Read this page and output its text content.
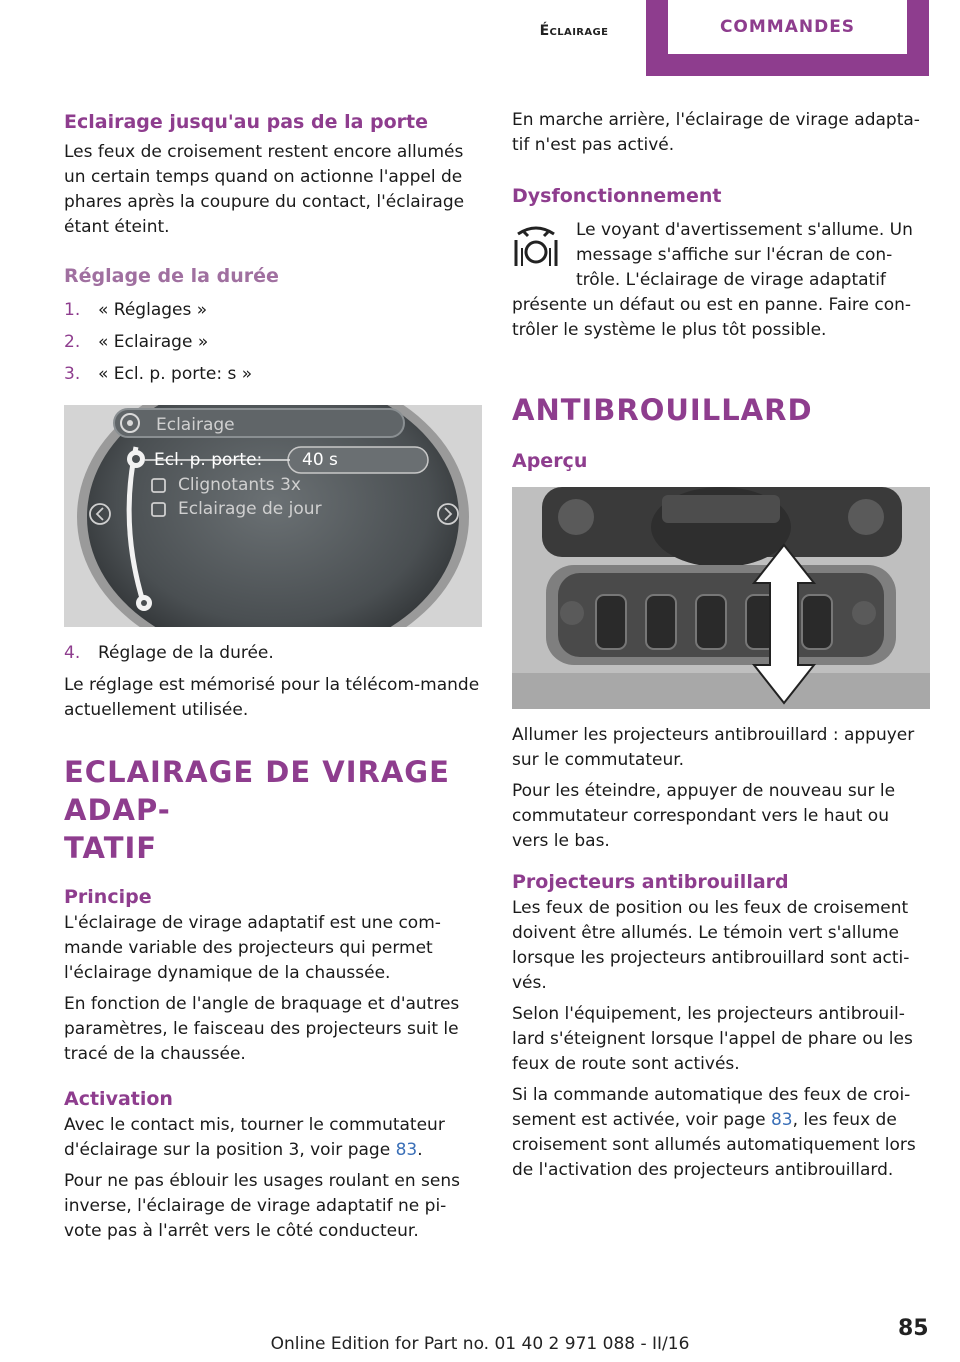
Éclairage	COMMANDES
Eclairage jusqu'au pas de la porte

Les feux de croisement restent encore allumés un certain temps quand on actionne l'appel de phares après la coupure du contact, l'éclairage étant éteint.

Réglage de la durée
1.	« Réglages »
2.	« Eclairage »
3.	« Ecl. p. porte: s »
Eclairage
Ecl. p. porte: 40 s
Clignotants 3x
Eclairage de jour
4.	Réglage de la durée.

Le réglage est mémorisé pour la télécom-mande actuellement utilisée.

ECLAIRAGE DE VIRAGE ADAP-
TATIF
Principe

L'éclairage de virage adaptatif est une com-mande variable des projecteurs qui permet l'éclairage dynamique de la chaussée.

En fonction de l'angle de braquage et d'autres paramètres, le faisceau des projecteurs suit le tracé de la chaussée.

Activation

Avec le contact mis, tourner le commutateur d'éclairage sur la position 3, voir page 83.

Pour ne pas éblouir les usages roulant en sens inverse, l'éclairage de virage adaptatif ne pi-vote pas à l'arrêt vers le côté conducteur.

En marche arrière, l'éclairage de virage adapta-tif n'est pas activé.

Dysfonctionnement

Le voyant d'avertissement s'allume. Un message s'affiche sur l'écran de con-trôle. L'éclairage de virage adaptatif présente un défaut ou est en panne. Faire con-trôler le système le plus tôt possible.

ANTIBROUILLARD
Aperçu

Allumer les projecteurs antibrouillard : appuyer sur le commutateur.

Pour les éteindre, appuyer de nouveau sur le commutateur correspondant vers le haut ou vers le bas.

Projecteurs antibrouillard

Les feux de position ou les feux de croisement doivent être allumés. Le témoin vert s'allume lorsque les projecteurs antibrouillard sont acti-vés.

Selon l'équipement, les projecteurs antibrouil-lard s'éteignent lorsque l'appel de phare ou les feux de route sont activés.

Si la commande automatique des feux de croi-sement est activée, voir page 83, les feux de croisement sont allumés automatiquement lors de l'activation des projecteurs antibrouillard.

85
Online Edition for Part no. 01 40 2 971 088 - II/16
